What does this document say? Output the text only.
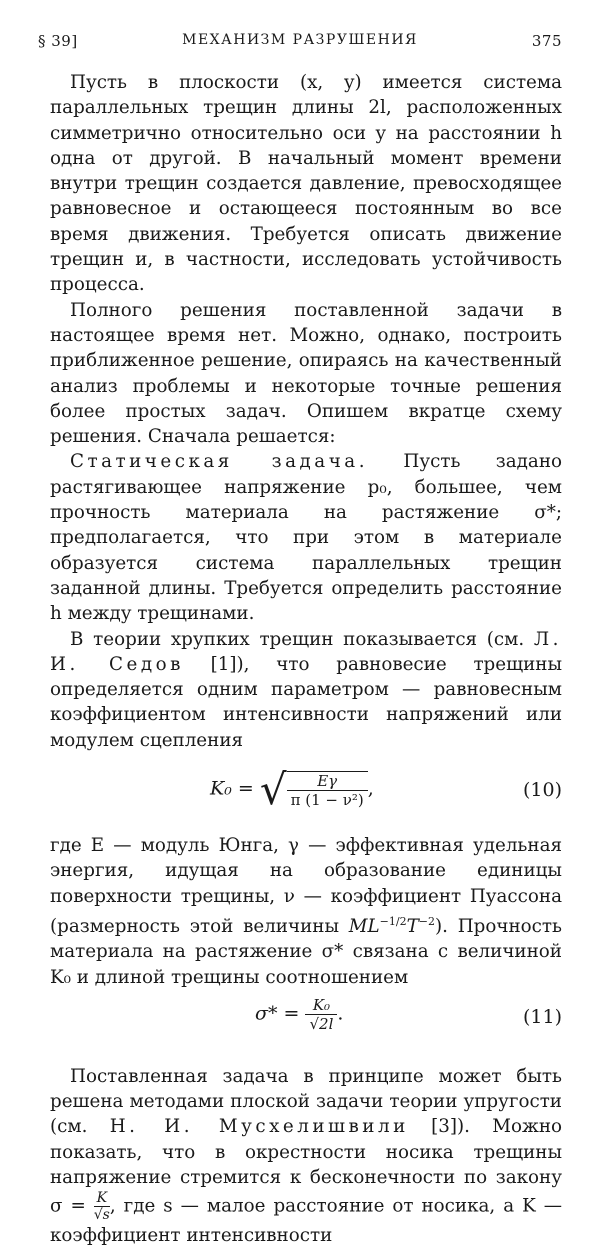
§ 39]	МЕХАНИЗМ РАЗРУШЕНИЯ	375

Пусть в плоскости (x, y) имеется система параллельных трещин длины 2l, расположенных симметрично относительно оси y на расстоянии h одна от другой. В начальный момент времени внутри трещин создается давление, превосходящее равновесное и остающееся постоянным во все время движения. Требуется описать движение трещин и, в частности, исследовать устойчивость процесса.

Полного решения поставленной задачи в настоящее время нет. Можно, однако, построить приближенное решение, опираясь на качественный анализ проблемы и некоторые точные решения более простых задач. Опишем вкратце схему решения. Сначала решается:

Статическая задача. Пусть задано растягивающее напряжение p₀, большее, чем прочность материала на растяжение σ*; предполагается, что при этом в материале образуется система параллельных трещин заданной длины. Требуется определить расстояние h между трещинами.

В теории хрупких трещин показывается (см. Л. И. Седов [1]), что равновесие трещины определяется одним параметром — равновесным коэффициентом интенсивности напряжений или модулем сцепления

K₀ = √ $\frac{E\gamma}{\text{π (1 − ν²)}}$ ,	(10)

где E — модуль Юнга, γ — эффективная удельная энергия, идущая на образование единицы поверхности трещины, ν — коэффициент Пуассона (размерность этой величины $ML^{-1/2}T^{-2}$). Прочность материала на растяжение σ* связана с величиной K₀ и длиной трещины соотношением

$\sigma* = \frac{\text{K₀}}{√2l}$ .	(11)

Поставленная задача в принципе может быть решена методами плоской задачи теории упругости (см. Н. И. Мусхелишвили [3]). Можно показать, что в окрестности носика трещины напряжение стремится к бесконечности по закону $\sigma = \frac{K}{√s}$, где s — малое расстояние от носика, а K — коэффициент интенсивности
